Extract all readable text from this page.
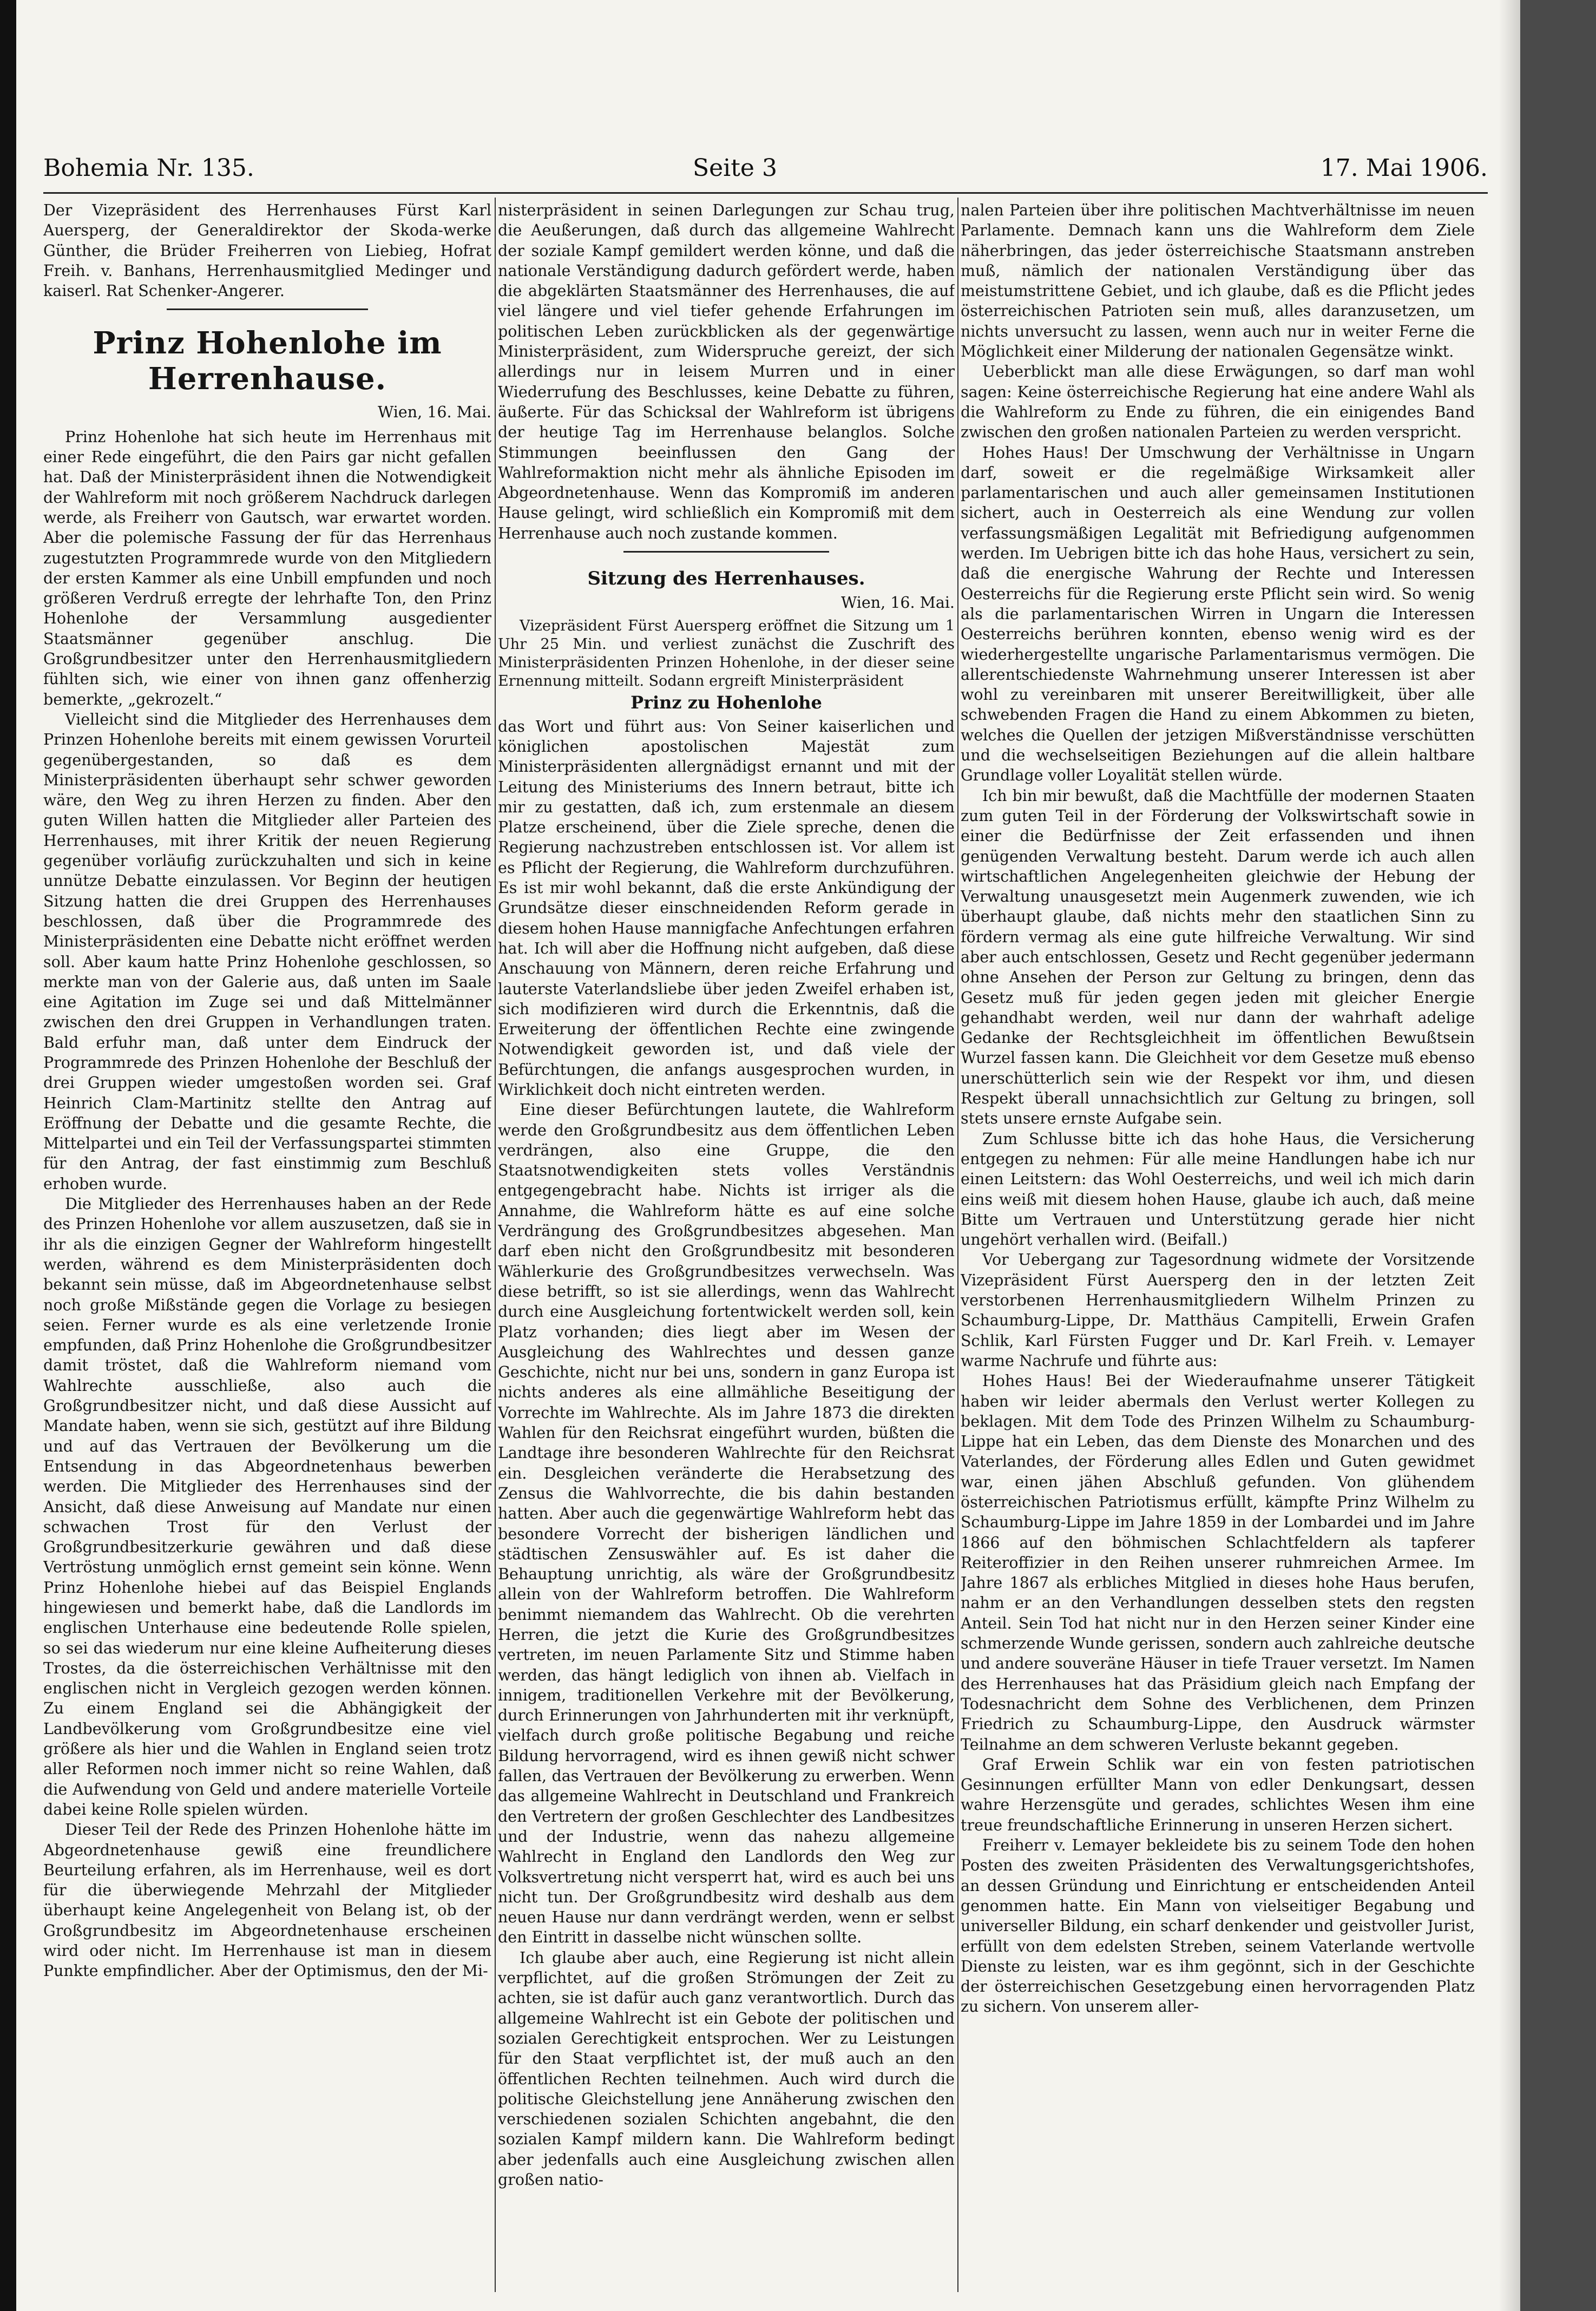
Bohemia Nr. 135.	Seite 3	17. Mai 1906.

Der Vizepräsident des Herrenhauses Fürst Karl Auersperg, der Generaldirektor der Skoda-werke Günther, die Brüder Freiherren von Liebieg, Hofrat Freih. v. Banhans, Herrenhausmitglied Medinger und kaiserl. Rat Schenker-Angerer.

Prinz Hohenlohe im Herrenhause.
Wien, 16. Mai.

Prinz Hohenlohe hat sich heute im Herrenhaus mit einer Rede eingeführt, die den Pairs gar nicht gefallen hat. Daß der Ministerpräsident ihnen die Notwendigkeit der Wahlreform mit noch größerem Nachdruck darlegen werde, als Freiherr von Gautsch, war erwartet worden. Aber die polemische Fassung der für das Herrenhaus zugestutzten Programmrede wurde von den Mitgliedern der ersten Kammer als eine Unbill empfunden und noch größeren Verdruß erregte der lehrhafte Ton, den Prinz Hohenlohe der Versammlung ausgedienter Staatsmänner gegenüber anschlug. Die Großgrundbesitzer unter den Herrenhausmitgliedern fühlten sich, wie einer von ihnen ganz offenherzig bemerkte, „gekrozelt.“

Vielleicht sind die Mitglieder des Herrenhauses dem Prinzen Hohenlohe bereits mit einem gewissen Vorurteil gegenübergestanden, so daß es dem Ministerpräsidenten überhaupt sehr schwer geworden wäre, den Weg zu ihren Herzen zu finden. Aber den guten Willen hatten die Mitglieder aller Parteien des Herrenhauses, mit ihrer Kritik der neuen Regierung gegenüber vorläufig zurückzuhalten und sich in keine unnütze Debatte einzulassen. Vor Beginn der heutigen Sitzung hatten die drei Gruppen des Herrenhauses beschlossen, daß über die Programmrede des Ministerpräsidenten eine Debatte nicht eröffnet werden soll. Aber kaum hatte Prinz Hohenlohe geschlossen, so merkte man von der Galerie aus, daß unten im Saale eine Agitation im Zuge sei und daß Mittelmänner zwischen den drei Gruppen in Verhandlungen traten. Bald erfuhr man, daß unter dem Eindruck der Programmrede des Prinzen Hohenlohe der Beschluß der drei Gruppen wieder umgestoßen worden sei. Graf Heinrich Clam-Martinitz stellte den Antrag auf Eröffnung der Debatte und die gesamte Rechte, die Mittelpartei und ein Teil der Verfassungspartei stimmten für den Antrag, der fast einstimmig zum Beschluß erhoben wurde.

Die Mitglieder des Herrenhauses haben an der Rede des Prinzen Hohenlohe vor allem auszusetzen, daß sie in ihr als die einzigen Gegner der Wahlreform hingestellt werden, während es dem Ministerpräsidenten doch bekannt sein müsse, daß im Abgeordnetenhause selbst noch große Mißstände gegen die Vorlage zu besiegen seien. Ferner wurde es als eine verletzende Ironie empfunden, daß Prinz Hohenlohe die Großgrundbesitzer damit tröstet, daß die Wahlreform niemand vom Wahlrechte ausschließe, also auch die Großgrundbesitzer nicht, und daß diese Aussicht auf Mandate haben, wenn sie sich, gestützt auf ihre Bildung und auf das Vertrauen der Bevölkerung um die Entsendung in das Abgeordnetenhaus bewerben werden. Die Mitglieder des Herrenhauses sind der Ansicht, daß diese Anweisung auf Mandate nur einen schwachen Trost für den Verlust der Großgrundbesitzerkurie gewähren und daß diese Vertröstung unmöglich ernst gemeint sein könne. Wenn Prinz Hohenlohe hiebei auf das Beispiel Englands hingewiesen und bemerkt habe, daß die Landlords im englischen Unterhause eine bedeutende Rolle spielen, so sei das wiederum nur eine kleine Aufheiterung dieses Trostes, da die österreichischen Verhältnisse mit den englischen nicht in Vergleich gezogen werden können. Zu einem England sei die Abhängigkeit der Landbevölkerung vom Großgrundbesitze eine viel größere als hier und die Wahlen in England seien trotz aller Reformen noch immer nicht so reine Wahlen, daß die Aufwendung von Geld und andere materielle Vorteile dabei keine Rolle spielen würden.

Dieser Teil der Rede des Prinzen Hohenlohe hätte im Abgeordnetenhause gewiß eine freundlichere Beurteilung erfahren, als im Herrenhause, weil es dort für die überwiegende Mehrzahl der Mitglieder überhaupt keine Angelegenheit von Belang ist, ob der Großgrundbesitz im Abgeordnetenhause erscheinen wird oder nicht. Im Herrenhause ist man in diesem Punkte empfindlicher. Aber der Optimismus, den der Mi-

nisterpräsident in seinen Darlegungen zur Schau trug, die Aeußerungen, daß durch das allgemeine Wahlrecht der soziale Kampf gemildert werden könne, und daß die nationale Verständigung dadurch gefördert werde, haben die abgeklärten Staatsmänner des Herrenhauses, die auf viel längere und viel tiefer gehende Erfahrungen im politischen Leben zurückblicken als der gegenwärtige Ministerpräsident, zum Widerspruche gereizt, der sich allerdings nur in leisem Murren und in einer Wiederrufung des Beschlusses, keine Debatte zu führen, äußerte. Für das Schicksal der Wahlreform ist übrigens der heutige Tag im Herrenhause belanglos. Solche Stimmungen beeinflussen den Gang der Wahlreformaktion nicht mehr als ähnliche Episoden im Abgeordnetenhause. Wenn das Kompromiß im anderen Hause gelingt, wird schließlich ein Kompromiß mit dem Herrenhause auch noch zustande kommen.

Sitzung des Herrenhauses.
Wien, 16. Mai.

Vizepräsident Fürst Auersperg eröffnet die Sitzung um 1 Uhr 25 Min. und verliest zunächst die Zuschrift des Ministerpräsidenten Prinzen Hohenlohe, in der dieser seine Ernennung mitteilt. Sodann ergreift Ministerpräsident

Prinz zu Hohenlohe

das Wort und führt aus: Von Seiner kaiserlichen und königlichen apostolischen Majestät zum Ministerpräsidenten allergnädigst ernannt und mit der Leitung des Ministeriums des Innern betraut, bitte ich mir zu gestatten, daß ich, zum erstenmale an diesem Platze erscheinend, über die Ziele spreche, denen die Regierung nachzustreben entschlossen ist. Vor allem ist es Pflicht der Regierung, die Wahlreform durchzuführen. Es ist mir wohl bekannt, daß die erste Ankündigung der Grundsätze dieser einschneidenden Reform gerade in diesem hohen Hause mannigfache Anfechtungen erfahren hat. Ich will aber die Hoffnung nicht aufgeben, daß diese Anschauung von Männern, deren reiche Erfahrung und lauterste Vaterlandsliebe über jeden Zweifel erhaben ist, sich modifizieren wird durch die Erkenntnis, daß die Erweiterung der öffentlichen Rechte eine zwingende Notwendigkeit geworden ist, und daß viele der Befürchtungen, die anfangs ausgesprochen wurden, in Wirklichkeit doch nicht eintreten werden.

Eine dieser Befürchtungen lautete, die Wahlreform werde den Großgrundbesitz aus dem öffentlichen Leben verdrängen, also eine Gruppe, die den Staatsnotwendigkeiten stets volles Verständnis entgegengebracht habe. Nichts ist irriger als die Annahme, die Wahlreform hätte es auf eine solche Verdrängung des Großgrundbesitzes abgesehen. Man darf eben nicht den Großgrundbesitz mit besonderen Wählerkurie des Großgrundbesitzes verwechseln. Was diese betrifft, so ist sie allerdings, wenn das Wahlrecht durch eine Ausgleichung fortentwickelt werden soll, kein Platz vorhanden; dies liegt aber im Wesen der Ausgleichung des Wahlrechtes und dessen ganze Geschichte, nicht nur bei uns, sondern in ganz Europa ist nichts anderes als eine allmähliche Beseitigung der Vorrechte im Wahlrechte. Als im Jahre 1873 die direkten Wahlen für den Reichsrat eingeführt wurden, büßten die Landtage ihre besonderen Wahlrechte für den Reichsrat ein. Desgleichen veränderte die Herabsetzung des Zensus die Wahlvorrechte, die bis dahin bestanden hatten. Aber auch die gegenwärtige Wahlreform hebt das besondere Vorrecht der bisherigen ländlichen und städtischen Zensuswähler auf. Es ist daher die Behauptung unrichtig, als wäre der Großgrundbesitz allein von der Wahlreform betroffen. Die Wahlreform benimmt niemandem das Wahlrecht. Ob die verehrten Herren, die jetzt die Kurie des Großgrundbesitzes vertreten, im neuen Parlamente Sitz und Stimme haben werden, das hängt lediglich von ihnen ab. Vielfach in innigem, traditionellen Verkehre mit der Bevölkerung, durch Erinnerungen von Jahrhunderten mit ihr verknüpft, vielfach durch große politische Begabung und reiche Bildung hervorragend, wird es ihnen gewiß nicht schwer fallen, das Vertrauen der Bevölkerung zu erwerben. Wenn das allgemeine Wahlrecht in Deutschland und Frankreich den Vertretern der großen Geschlechter des Landbesitzes und der Industrie, wenn das nahezu allgemeine Wahlrecht in England den Landlords den Weg zur Volksvertretung nicht versperrt hat, wird es auch bei uns nicht tun. Der Großgrundbesitz wird deshalb aus dem neuen Hause nur dann verdrängt werden, wenn er selbst den Eintritt in dasselbe nicht wünschen sollte.

Ich glaube aber auch, eine Regierung ist nicht allein verpflichtet, auf die großen Strömungen der Zeit zu achten, sie ist dafür auch ganz verantwortlich. Durch das allgemeine Wahlrecht ist ein Gebote der politischen und sozialen Gerechtigkeit entsprochen. Wer zu Leistungen für den Staat verpflichtet ist, der muß auch an den öffentlichen Rechten teilnehmen. Auch wird durch die politische Gleichstellung jene Annäherung zwischen den verschiedenen sozialen Schichten angebahnt, die den sozialen Kampf mildern kann. Die Wahlreform bedingt aber jedenfalls auch eine Ausgleichung zwischen allen großen natio-

nalen Parteien über ihre politischen Machtverhältnisse im neuen Parlamente. Demnach kann uns die Wahlreform dem Ziele näherbringen, das jeder österreichische Staatsmann anstreben muß, nämlich der nationalen Verständigung über das meistumstrittene Gebiet, und ich glaube, daß es die Pflicht jedes österreichischen Patrioten sein muß, alles daranzusetzen, um nichts unversucht zu lassen, wenn auch nur in weiter Ferne die Möglichkeit einer Milderung der nationalen Gegensätze winkt.

Ueberblickt man alle diese Erwägungen, so darf man wohl sagen: Keine österreichische Regierung hat eine andere Wahl als die Wahlreform zu Ende zu führen, die ein einigendes Band zwischen den großen nationalen Parteien zu werden verspricht.

Hohes Haus! Der Umschwung der Verhältnisse in Ungarn darf, soweit er die regelmäßige Wirksamkeit aller parlamentarischen und auch aller gemeinsamen Institutionen sichert, auch in Oesterreich als eine Wendung zur vollen verfassungsmäßigen Legalität mit Befriedigung aufgenommen werden. Im Uebrigen bitte ich das hohe Haus, versichert zu sein, daß die energische Wahrung der Rechte und Interessen Oesterreichs für die Regierung erste Pflicht sein wird. So wenig als die parlamentarischen Wirren in Ungarn die Interessen Oesterreichs berühren konnten, ebenso wenig wird es der wiederhergestellte ungarische Parlamentarismus vermögen. Die allerentschiedenste Wahrnehmung unserer Interessen ist aber wohl zu vereinbaren mit unserer Bereitwilligkeit, über alle schwebenden Fragen die Hand zu einem Abkommen zu bieten, welches die Quellen der jetzigen Mißverständnisse verschütten und die wechselseitigen Beziehungen auf die allein haltbare Grundlage voller Loyalität stellen würde.

Ich bin mir bewußt, daß die Machtfülle der modernen Staaten zum guten Teil in der Förderung der Volkswirtschaft sowie in einer die Bedürfnisse der Zeit erfassenden und ihnen genügenden Verwaltung besteht. Darum werde ich auch allen wirtschaftlichen Angelegenheiten gleichwie der Hebung der Verwaltung unausgesetzt mein Augenmerk zuwenden, wie ich überhaupt glaube, daß nichts mehr den staatlichen Sinn zu fördern vermag als eine gute hilfreiche Verwaltung. Wir sind aber auch entschlossen, Gesetz und Recht gegenüber jedermann ohne Ansehen der Person zur Geltung zu bringen, denn das Gesetz muß für jeden gegen jeden mit gleicher Energie gehandhabt werden, weil nur dann der wahrhaft adelige Gedanke der Rechtsgleichheit im öffentlichen Bewußtsein Wurzel fassen kann. Die Gleichheit vor dem Gesetze muß ebenso unerschütterlich sein wie der Respekt vor ihm, und diesen Respekt überall unnachsichtlich zur Geltung zu bringen, soll stets unsere ernste Aufgabe sein.

Zum Schlusse bitte ich das hohe Haus, die Versicherung entgegen zu nehmen: Für alle meine Handlungen habe ich nur einen Leitstern: das Wohl Oesterreichs, und weil ich mich darin eins weiß mit diesem hohen Hause, glaube ich auch, daß meine Bitte um Vertrauen und Unterstützung gerade hier nicht ungehört verhallen wird. (Beifall.)

Vor Uebergang zur Tagesordnung widmete der Vorsitzende Vizepräsident Fürst Auersperg den in der letzten Zeit verstorbenen Herrenhausmitgliedern Wilhelm Prinzen zu Schaumburg-Lippe, Dr. Matthäus Campitelli, Erwein Grafen Schlik, Karl Fürsten Fugger und Dr. Karl Freih. v. Lemayer warme Nachrufe und führte aus:

Hohes Haus! Bei der Wiederaufnahme unserer Tätigkeit haben wir leider abermals den Verlust werter Kollegen zu beklagen. Mit dem Tode des Prinzen Wilhelm zu Schaumburg-Lippe hat ein Leben, das dem Dienste des Monarchen und des Vaterlandes, der Förderung alles Edlen und Guten gewidmet war, einen jähen Abschluß gefunden. Von glühendem österreichischen Patriotismus erfüllt, kämpfte Prinz Wilhelm zu Schaumburg-Lippe im Jahre 1859 in der Lombardei und im Jahre 1866 auf den böhmischen Schlachtfeldern als tapferer Reiteroffizier in den Reihen unserer ruhmreichen Armee. Im Jahre 1867 als erbliches Mitglied in dieses hohe Haus berufen, nahm er an den Verhandlungen desselben stets den regsten Anteil. Sein Tod hat nicht nur in den Herzen seiner Kinder eine schmerzende Wunde gerissen, sondern auch zahlreiche deutsche und andere souveräne Häuser in tiefe Trauer versetzt. Im Namen des Herrenhauses hat das Präsidium gleich nach Empfang der Todesnachricht dem Sohne des Verblichenen, dem Prinzen Friedrich zu Schaumburg-Lippe, den Ausdruck wärmster Teilnahme an dem schweren Verluste bekannt gegeben.

Graf Erwein Schlik war ein von festen patriotischen Gesinnungen erfüllter Mann von edler Denkungsart, dessen wahre Herzensgüte und gerades, schlichtes Wesen ihm eine treue freundschaftliche Erinnerung in unseren Herzen sichert.

Freiherr v. Lemayer bekleidete bis zu seinem Tode den hohen Posten des zweiten Präsidenten des Verwaltungsgerichtshofes, an dessen Gründung und Einrichtung er entscheidenden Anteil genommen hatte. Ein Mann von vielseitiger Begabung und universeller Bildung, ein scharf denkender und geistvoller Jurist, erfüllt von dem edelsten Streben, seinem Vaterlande wertvolle Dienste zu leisten, war es ihm gegönnt, sich in der Geschichte der österreichischen Gesetzgebung einen hervorragenden Platz zu sichern. Von unserem aller-
